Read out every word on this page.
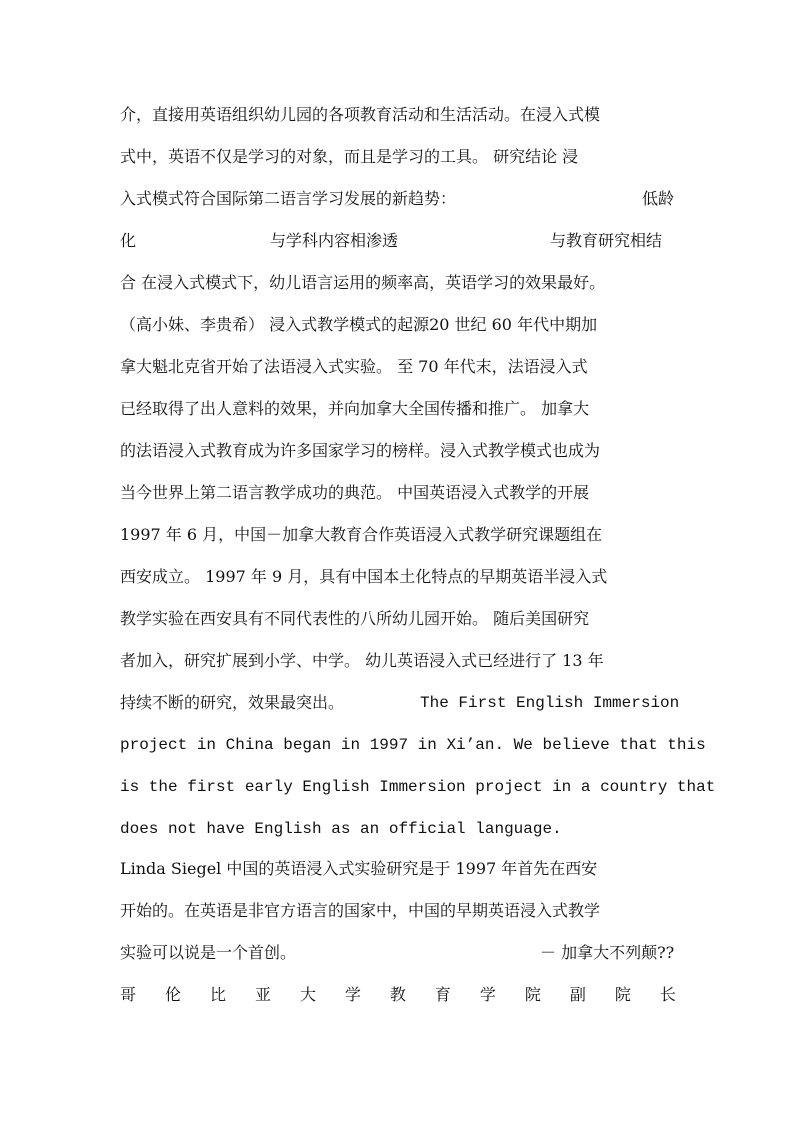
介，直接用英语组织幼儿园的各项教育活动和生活活动。在浸入式模
式中，英语不仅是学习的对象，而且是学习的工具。 研究结论 浸
入式模式符合国际第二语言学习发展的新趋势：	低龄
化	与学科内容相渗透	与教育研究相结
合 在浸入式模式下，幼儿语言运用的频率高，英语学习的效果最好。
（高小妹、李贵希） 浸入式教学模式的起源20 世纪 60 年代中期加
拿大魁北克省开始了法语浸入式实验。 至 70 年代末，法语浸入式
已经取得了出人意料的效果，并向加拿大全国传播和推广。 加拿大
的法语浸入式教育成为许多国家学习的榜样。浸入式教学模式也成为
当今世界上第二语言教学成功的典范。 中国英语浸入式教学的开展
1997 年 6 月，中国－加拿大教育合作英语浸入式教学研究课题组在
西安成立。 1997 年 9 月，具有中国本土化特点的早期英语半浸入式
教学实验在西安具有不同代表性的八所幼儿园开始。 随后美国研究
者加入，研究扩展到小学、中学。 幼儿英语浸入式已经进行了 13 年
持续不断的研究，效果最突出。	The First English Immersion
project in China began in 1997 in Xi’an. We believe that this
is the first early English Immersion project in a country that
does not have English as an official language.
Linda Siegel 中国的英语浸入式实验研究是于 1997 年首先在西安
开始的。在英语是非官方语言的国家中，中国的早期英语浸入式教学
实验可以说是一个首创。	－ 加拿大不列颠??
哥 伦 比 亚 大 学 教 育 学 院 副 院 长
